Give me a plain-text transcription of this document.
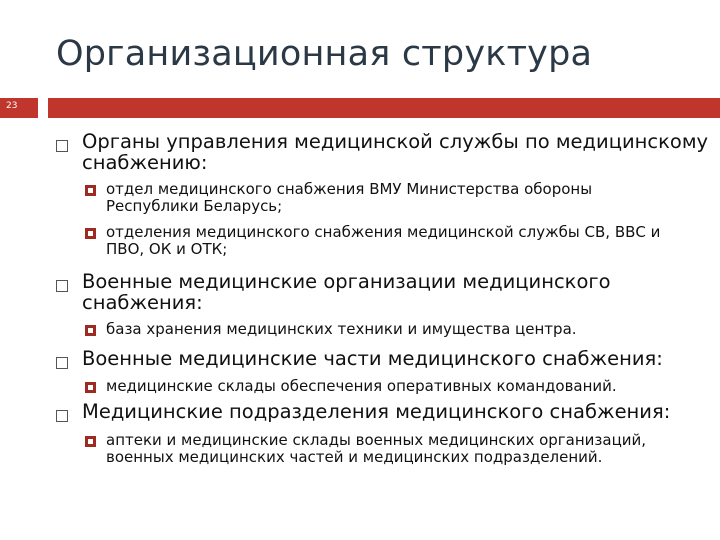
Организационная структура
23
Органы управления медицинской службы по медицинскому снабжению:
отдел медицинского снабжения ВМУ Министерства обороны Республики Беларусь;
отделения медицинского снабжения медицинской службы СВ, ВВС и ПВО, ОК и ОТК;
Военные медицинские организации медицинского снабжения:
база хранения медицинских техники и имущества центра.
Военные медицинские части медицинского снабжения:
медицинские склады обеспечения оперативных командований.
Медицинские подразделения медицинского снабжения:
аптеки и медицинские склады военных медицинских организаций, военных медицинских частей и медицинских подразделений.
